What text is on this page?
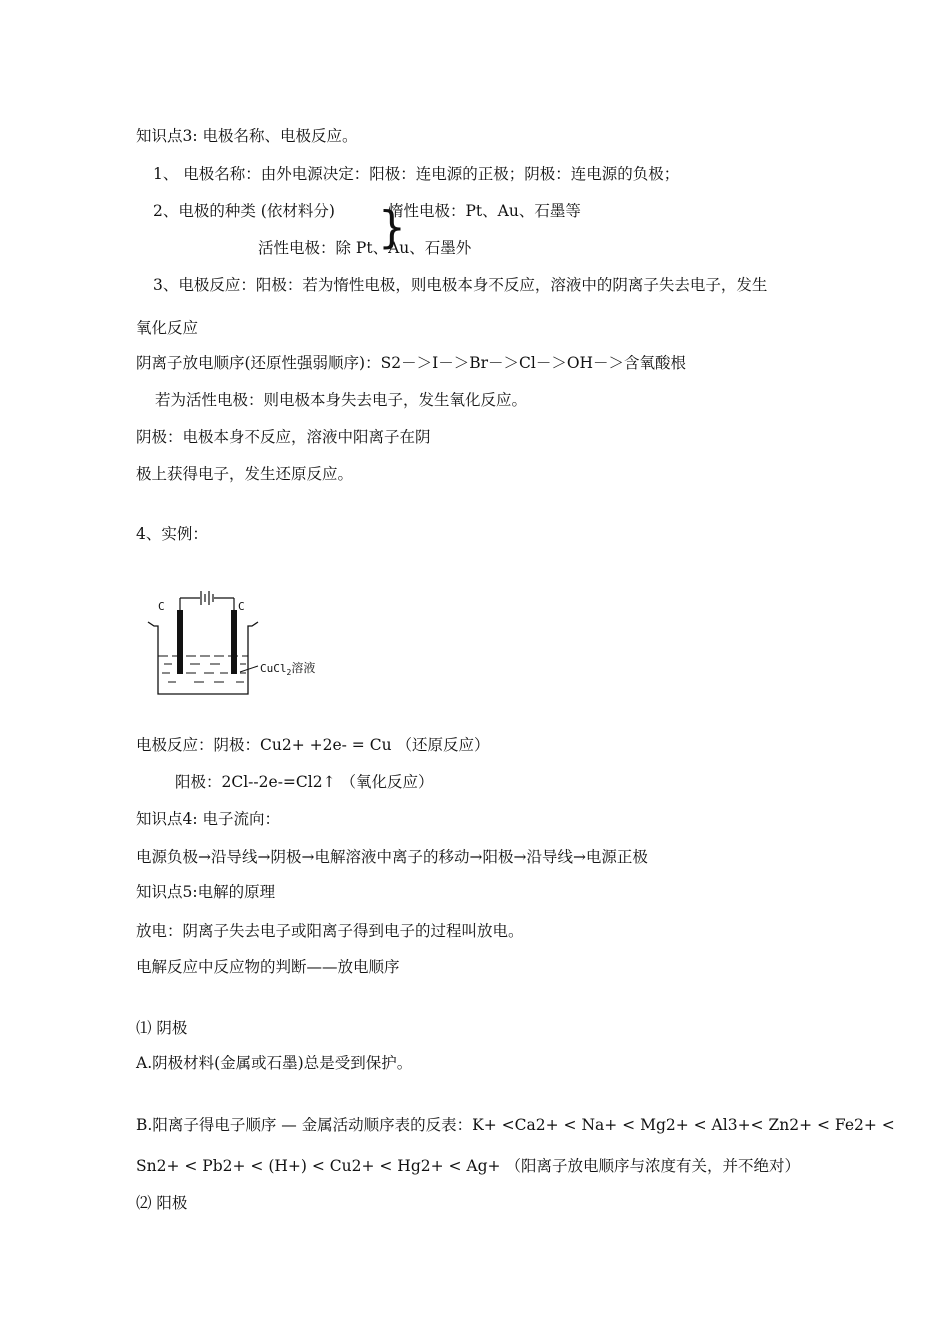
知识点3: 电极名称、电极反应。
1、 电极名称：由外电源决定：阳极：连电源的正极；阴极：连电源的负极；
2、电极的种类 (依材料分)	惰性电极：Pt、Au、石墨等
}
活性电极：除 Pt、Au、石墨外
3、电极反应：阳极：若为惰性电极，则电极本身不反应，溶液中的阴离子失去电子，发生
氧化反应
阴离子放电顺序(还原性强弱顺序)：S2－＞I－＞Br－＞Cl－＞OH－＞含氧酸根
若为活性电极：则电极本身失去电子，发生氧化反应。
阴极：电极本身不反应，溶液中阳离子在阴
极上获得电子，发生还原反应。
4、实例：
C	C
CuCl$_2$溶液
电极反应：阴极：Cu2+ +2e- = Cu （还原反应）
阳极：2Cl--2e-=Cl2↑ （氧化反应）
知识点4: 电子流向：
电源负极→沿导线→阴极→电解溶液中离子的移动→阳极→沿导线→电源正极
知识点5:电解的原理
放电：阴离子失去电子或阳离子得到电子的过程叫放电。
电解反应中反应物的判断——放电顺序
⑴ 阴极
A.阴极材料(金属或石墨)总是受到保护。
B.阳离子得电子顺序 — 金属活动顺序表的反表：K+ <Ca2+ < Na+ < Mg2+ < Al3+< Zn2+ < Fe2+ <
Sn2+ < Pb2+ < (H+) < Cu2+ < Hg2+ < Ag+ （阳离子放电顺序与浓度有关，并不绝对）
⑵ 阳极
